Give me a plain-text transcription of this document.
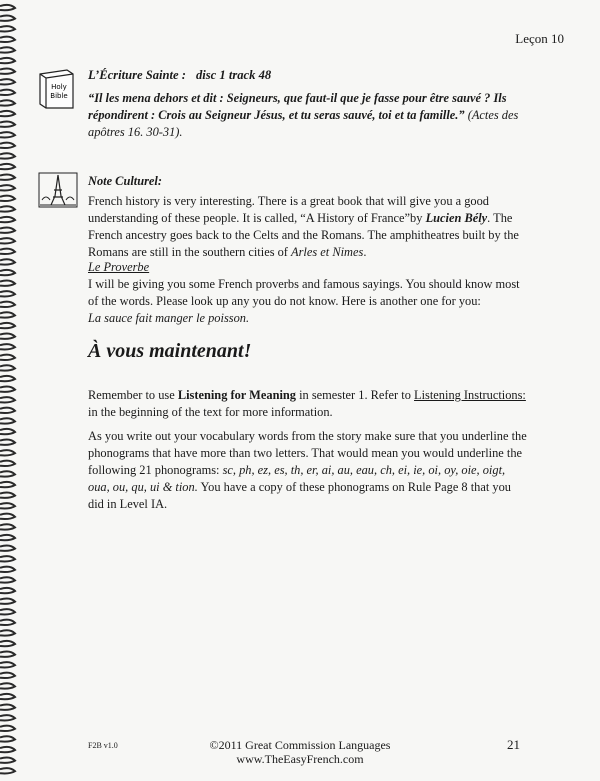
Leçon 10
Holy
Bible
L’Écriture Sainte : disc 1 track 48
“Il les mena dehors et dit : Seigneurs, que faut-il que je fasse pour être sauvé ? Ils répondirent : Crois au Seigneur Jésus, et tu seras sauvé, toi et ta famille.” (Actes des apôtres 16. 30-31).
Note Culturel:
French history is very interesting. There is a great book that will give you a good understanding of these people. It is called, “A History of France”by Lucien Bély. The French ancestry goes back to the Celts and the Romans. The amphitheatres built by the Romans are still in the southern cities of Arles et Nimes.
Le Proverbe
I will be giving you some French proverbs and famous sayings. You should know most of the words. Please look up any you do not know. Here is another one for you:
La sauce fait manger le poisson.
À vous maintenant!
Remember to use Listening for Meaning in semester 1. Refer to Listening Instructions: in the beginning of the text for more information.
As you write out your vocabulary words from the story make sure that you underline the phonograms that have more than two letters. That would mean you would underline the following 21 phonograms: sc, ph, ez, es, th, er, ai, au, eau, ch, ei, ie, oi, oy, oie, oigt, oua, ou, qu, ui & tion. You have a copy of these phonograms on Rule Page 8 that you did in Level IA.
F2B v1.0	©2011 Great Commission Languages
www.TheEasyFrench.com
21
